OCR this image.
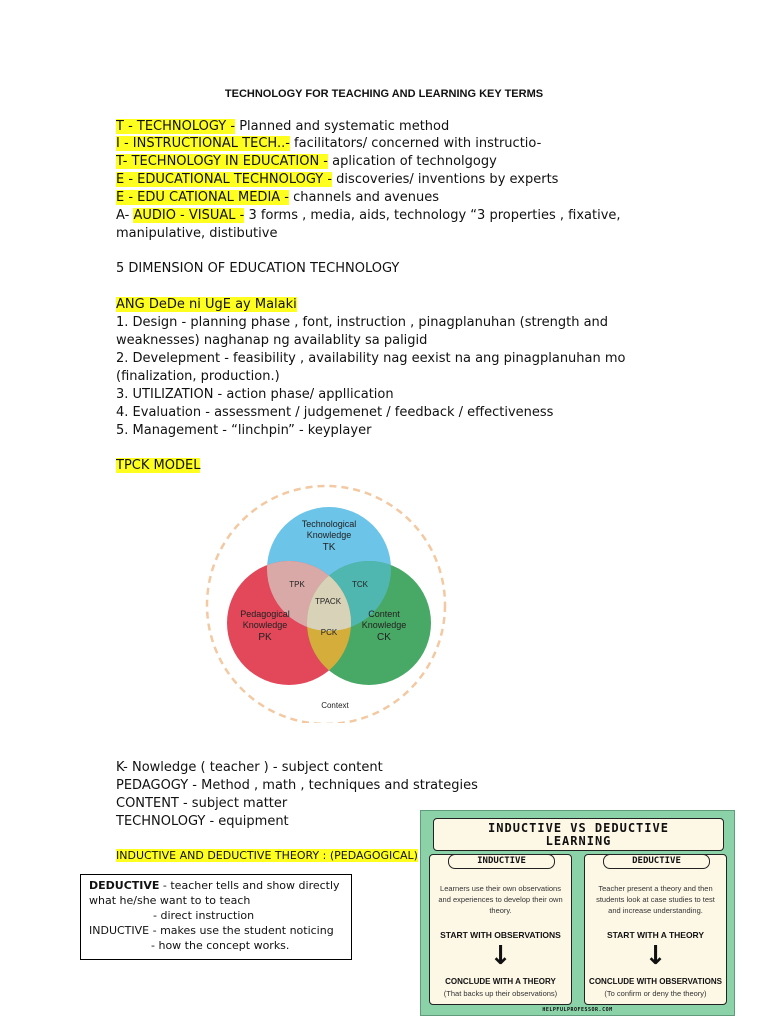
TECHNOLOGY FOR TEACHING AND LEARNING KEY TERMS
T - TECHNOLOGY - Planned and systematic method
I - INSTRUCTIONAL TECH..- facilitators/ concerned with instructio-
T- TECHNOLOGY IN EDUCATION - aplication of technolgogy
E - EDUCATIONAL TECHNOLOGY - discoveries/ inventions by experts
E - EDU CATIONAL MEDIA - channels and avenues
A- AUDIO - VISUAL - 3 forms , media, aids, technology “3 properties , fixative,
manipulative, distibutive
5 DIMENSION OF EDUCATION TECHNOLOGY
ANG DeDe ni UgE ay Malaki
1. Design - planning phase , font, instruction , pinagplanuhan (strength and
weaknesses) naghanap ng availablity sa paligid
2. Develepment - feasibility , availability nag eexist na ang pinagplanuhan mo
(finalization, production.)
3. UTILIZATION - action phase/ appllication
4. Evaluation - assessment / judgemenet / feedback / effectiveness
5. Management - “linchpin” - keyplayer
TPCK MODEL
Technological
Knowledge
TK
Pedagogical
Knowledge
PK
Content
Knowledge
CK
TPK	TCK
TPACK
PCK
Context
K- Nowledge ( teacher ) - subject content
PEDAGOGY - Method , math , techniques and strategies
CONTENT - subject matter
TECHNOLOGY - equipment
INDUCTIVE AND DEDUCTIVE THEORY : (PEDAGOGICAL)
DEDUCTIVE - teacher tells and show directly
what he/she want to to teach
- direct instruction
INDUCTIVE - makes use the student noticing
- how the concept works.
INDUCTIVE VS DEDUCTIVE
LEARNING
INDUCTIVE
Learners use their own observations and experiences to develop their own theory.
START WITH OBSERVATIONS
↓
CONCLUDE WITH A THEORY
(That backs up their observations)
DEDUCTIVE
Teacher present a theory and then students look at case studies to test and increase understanding.
START WITH A THEORY
↓
CONCLUDE WITH OBSERVATIONS
(To confirm or deny the theory)
HELPFULPROFESSOR.COM
